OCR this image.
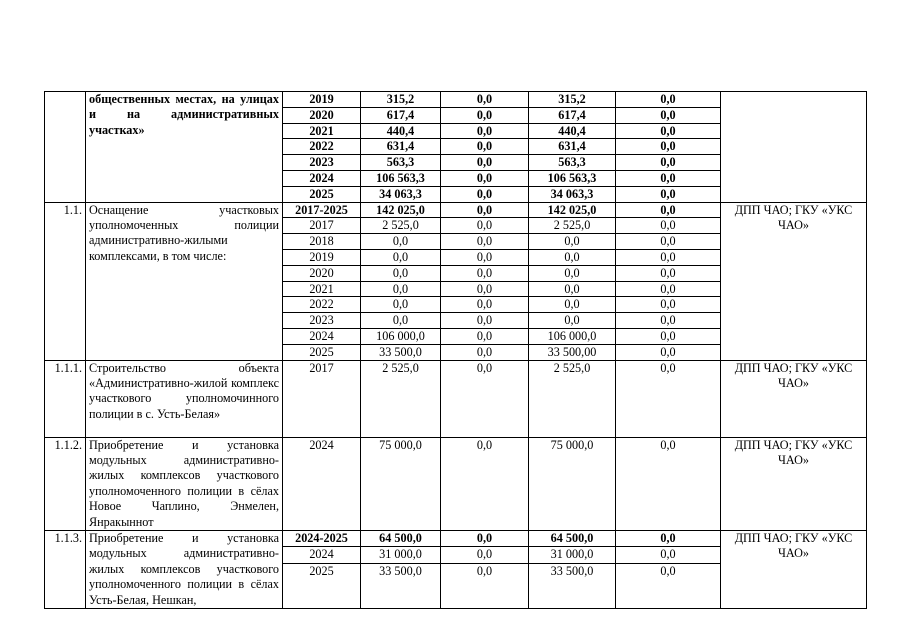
	общественных местах, на улицах и на административных участках»	2019	315,2	0,0	315,2	0,0	
		2020	617,4	0,0	617,4	0,0	
		2021	440,4	0,0	440,4	0,0	
		2022	631,4	0,0	631,4	0,0	
		2023	563,3	0,0	563,3	0,0	
		2024	106 563,3	0,0	106 563,3	0,0	
		2025	34 063,3	0,0	34 063,3	0,0	
1.1.	Оснащение участковых уполномоченных полиции административно-жилыми комплексами, в том числе:	2017-2025	142 025,0	0,0	142 025,0	0,0	ДПП ЧАО; ГКУ «УКС ЧАО»
		2017	2 525,0	0,0	2 525,0	0,0	
		2018	0,0	0,0	0,0	0,0	
		2019	0,0	0,0	0,0	0,0	
		2020	0,0	0,0	0,0	0,0	
		2021	0,0	0,0	0,0	0,0	
		2022	0,0	0,0	0,0	0,0	
		2023	0,0	0,0	0,0	0,0	
		2024	106 000,0	0,0	106 000,0	0,0	
		2025	33 500,0	0,0	33 500,00	0,0	
1.1.1.	Строительство объекта «Административно-жилой комплекс участкового уполномочинного полиции в с. Усть-Белая»	2017	2 525,0	0,0	2 525,0	0,0	ДПП ЧАО; ГКУ «УКС ЧАО»
1.1.2.	Приобретение и установка модульных административно-жилых комплексов участкового уполномоченного полиции в сёлах Новое Чаплино, Энмелен, Янракыннот	2024	75 000,0	0,0	75 000,0	0,0	ДПП ЧАО; ГКУ «УКС ЧАО»
1.1.3.	Приобретение и установка модульных административно-жилых комплексов участкового уполномоченного полиции в сёлах Усть-Белая, Нешкан,	2024-2025	64 500,0	0,0	64 500,0	0,0	ДПП ЧАО; ГКУ «УКС ЧАО»
		2024	31 000,0	0,0	31 000,0	0,0	
		2025	33 500,0	0,0	33 500,0	0,0	
